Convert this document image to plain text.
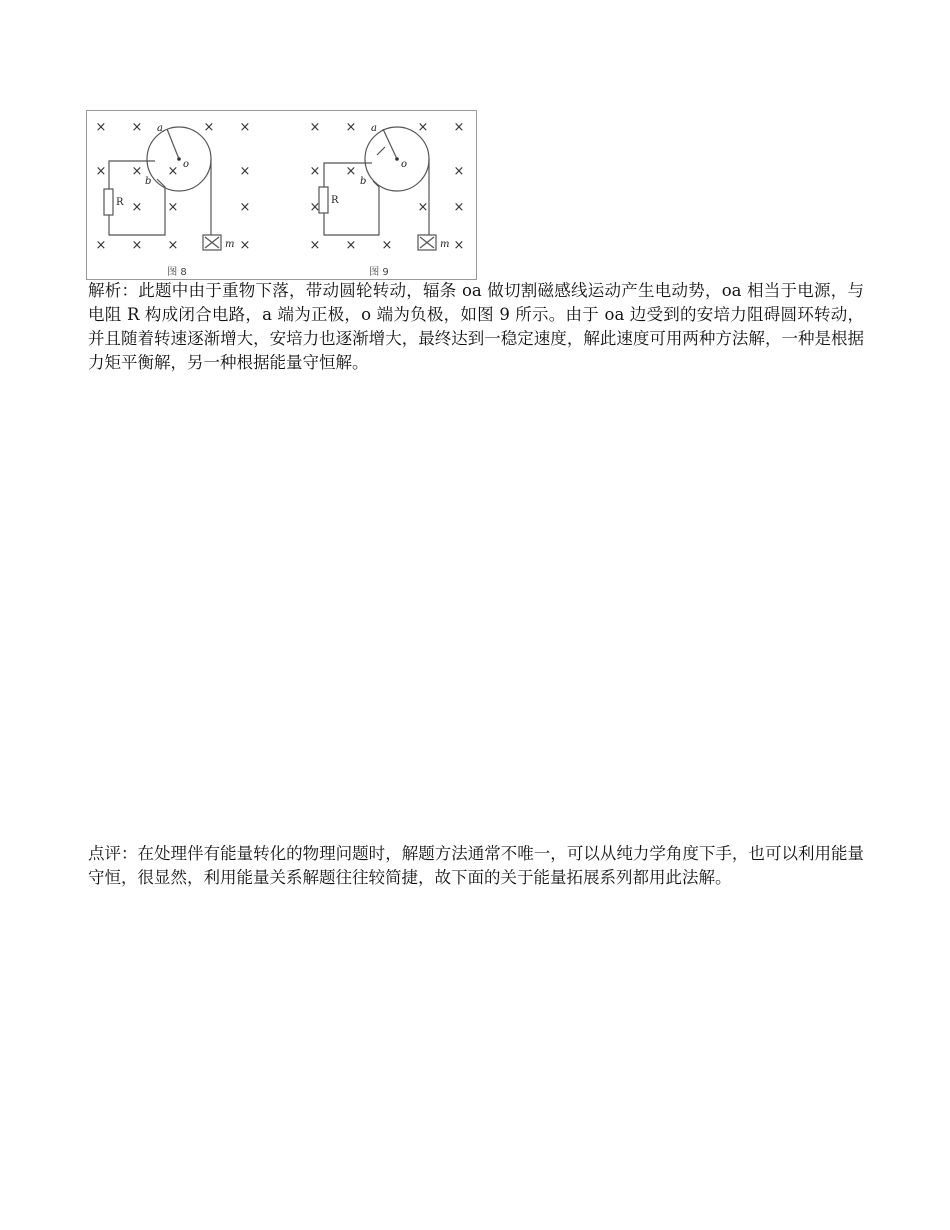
× ×	× ×
× × ×	×
× ×	×
× × ×	×
a
o
b
R
m
图 8
× ×	× ×
× ×	×
×	× ×
× × ×	×
a
o
b
R
m
图 9

解析：此题中由于重物下落，带动圆轮转动，辐条 oa 做切割磁感线运动产生电动势，oa 相当于电源，与电阻 R 构成闭合电路，a 端为正极，o 端为负极，如图 9 所示。由于 oa 边受到的安培力阻碍圆环转动，并且随着转速逐渐增大，安培力也逐渐增大，最终达到一稳定速度，解此速度可用两种方法解，一种是根据力矩平衡解，另一种根据能量守恒解。

点评：在处理伴有能量转化的物理问题时，解题方法通常不唯一，可以从纯力学角度下手，也可以利用能量守恒，很显然，利用能量关系解题往往较简捷，故下面的关于能量拓展系列都用此法解。
